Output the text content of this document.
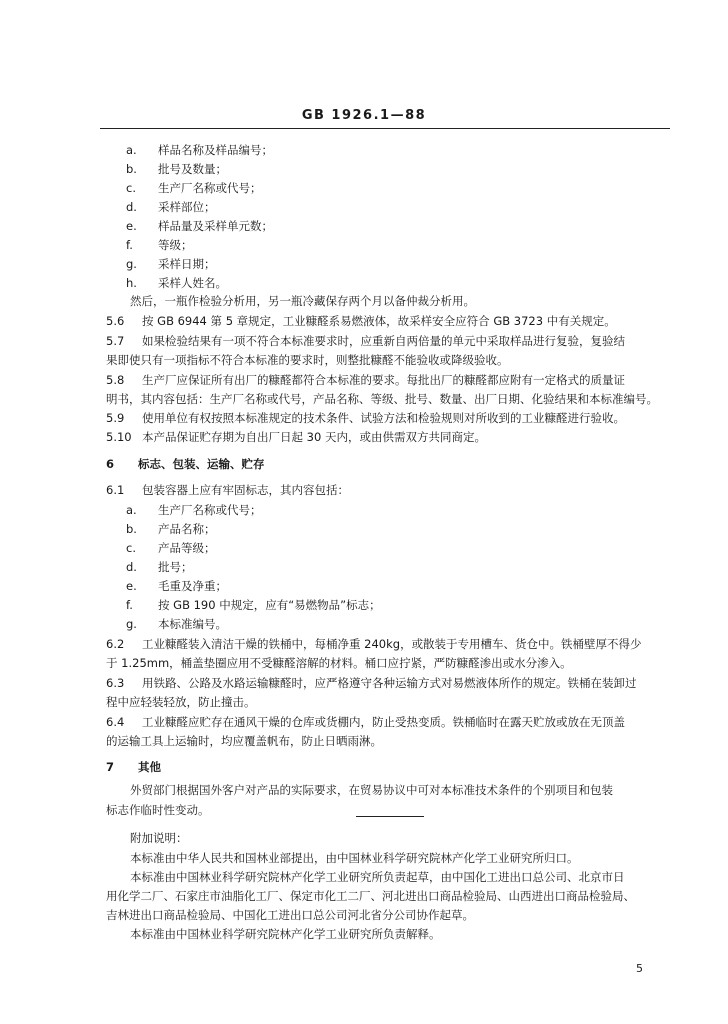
GB 1926.1—88
a. 样品名称及样品编号；
b. 批号及数量；
c. 生产厂名称或代号；
d. 采样部位；
e. 样品量及采样单元数；
f. 等级；
g. 采样日期；
h. 采样人姓名。
然后，一瓶作检验分析用，另一瓶冷藏保存两个月以备仲裁分析用。
5.6 按 GB 6944 第 5 章规定，工业糠醛系易燃液体，故采样安全应符合 GB 3723 中有关规定。
5.7 如果检验结果有一项不符合本标准要求时，应重新自两倍量的单元中采取样品进行复验，复验结
果即使只有一项指标不符合本标准的要求时，则整批糠醛不能验收或降级验收。
5.8 生产厂应保证所有出厂的糠醛都符合本标准的要求。每批出厂的糠醛都应附有一定格式的质量证
明书，其内容包括：生产厂名称或代号，产品名称、等级、批号、数量、出厂日期、化验结果和本标准编号。
5.9 使用单位有权按照本标准规定的技术条件、试验方法和检验规则对所收到的工业糠醛进行验收。
5.10 本产品保证贮存期为自出厂日起 30 天内，或由供需双方共同商定。
6 标志、包装、运输、贮存
6.1 包装容器上应有牢固标志，其内容包括：
a. 生产厂名称或代号；
b. 产品名称；
c. 产品等级；
d. 批号；
e. 毛重及净重；
f. 按 GB 190 中规定，应有“易燃物品”标志；
g. 本标准编号。
6.2 工业糠醛装入清洁干燥的铁桶中，每桶净重 240kg，或散装于专用槽车、货仓中。铁桶壁厚不得少
于 1.25mm，桶盖垫圈应用不受糠醛溶解的材料。桶口应拧紧，严防糠醛渗出或水分渗入。
6.3 用铁路、公路及水路运输糠醛时，应严格遵守各种运输方式对易燃液体所作的规定。铁桶在装卸过
程中应轻装轻放，防止撞击。
6.4 工业糠醛应贮存在通风干燥的仓库或货棚内，防止受热变质。铁桶临时在露天贮放或放在无顶盖
的运输工具上运输时，均应覆盖帆布，防止日晒雨淋。
7 其他
外贸部门根据国外客户对产品的实际要求，在贸易协议中可对本标准技术条件的个别项目和包装
标志作临时性变动。
附加说明：
本标准由中华人民共和国林业部提出，由中国林业科学研究院林产化学工业研究所归口。
本标准由中国林业科学研究院林产化学工业研究所负责起草，由中国化工进出口总公司、北京市日
用化学二厂、石家庄市油脂化工厂、保定市化工二厂、河北进出口商品检验局、山西进出口商品检验局、
吉林进出口商品检验局、中国化工进出口总公司河北省分公司协作起草。
本标准由中国林业科学研究院林产化学工业研究所负责解释。
5
